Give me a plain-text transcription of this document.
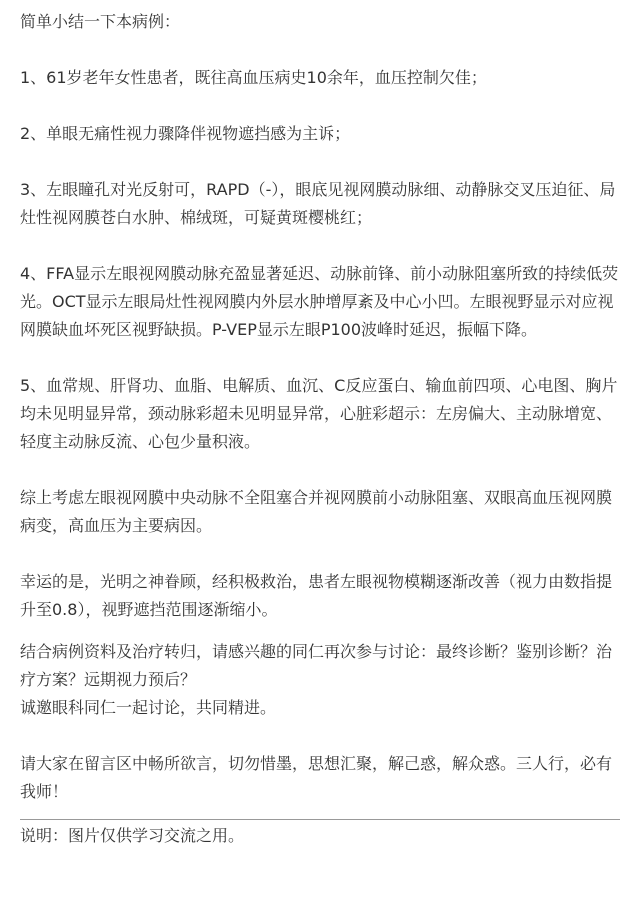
简单小结一下本病例：

1、61岁老年女性患者，既往高血压病史10余年，血压控制欠佳；

2、单眼无痛性视力骤降伴视物遮挡感为主诉；

3、左眼瞳孔对光反射可，RAPD（-），眼底见视网膜动脉细、动静脉交叉压迫征、局灶性视网膜苍白水肿、棉绒斑，可疑黄斑樱桃红；

4、FFA显示左眼视网膜动脉充盈显著延迟、动脉前锋、前小动脉阻塞所致的持续低荧光。OCT显示左眼局灶性视网膜内外层水肿增厚紊及中心小凹。左眼视野显示对应视网膜缺血坏死区视野缺损。P-VEP显示左眼P100波峰时延迟，振幅下降。

5、血常规、肝肾功、血脂、电解质、血沉、C反应蛋白、输血前四项、心电图、胸片均未见明显异常，颈动脉彩超未见明显异常，心脏彩超示：左房偏大、主动脉增宽、轻度主动脉反流、心包少量积液。

综上考虑左眼视网膜中央动脉不全阻塞合并视网膜前小动脉阻塞、双眼高血压视网膜病变，高血压为主要病因。

幸运的是，光明之神眷顾，经积极救治，患者左眼视物模糊逐渐改善（视力由数指提升至0.8），视野遮挡范围逐渐缩小。

结合病例资料及治疗转归，请感兴趣的同仁再次参与讨论：最终诊断？鉴别诊断？治疗方案？远期视力预后？

诚邀眼科同仁一起讨论，共同精进。

请大家在留言区中畅所欲言，切勿惜墨，思想汇聚，解己惑，解众惑。三人行，必有我师！

说明：图片仅供学习交流之用。
